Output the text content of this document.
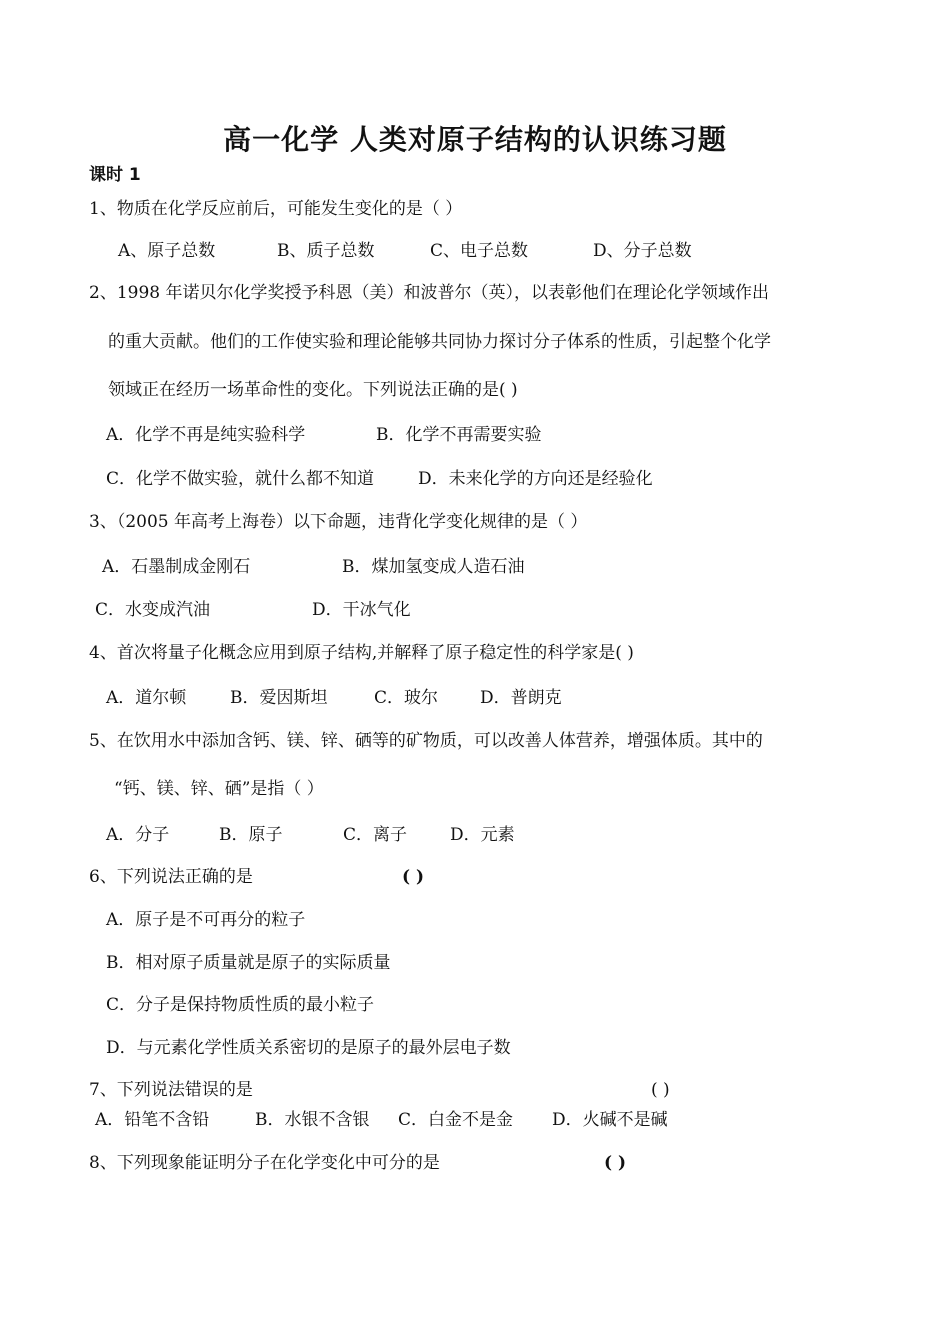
高一化学 人类对原子结构的认识练习题
课时 1
1、物质在化学反应前后，可能发生变化的是（ ）
A、原子总数	B、质子总数	C、电子总数	D、分子总数
2、1998 年诺贝尔化学奖授予科恩（美）和波普尔（英），以表彰他们在理论化学领域作出
的重大贡献。他们的工作使实验和理论能够共同协力探讨分子体系的性质，引起整个化学
领域正在经历一场革命性的变化。下列说法正确的是( )
A．化学不再是纯实验科学	B．化学不再需要实验
C．化学不做实验，就什么都不知道	D．未来化学的方向还是经验化
3、（2005 年高考上海卷）以下命题，违背化学变化规律的是（ ）
A．石墨制成金刚石	B．煤加氢变成人造石油
C．水变成汽油	D．干冰气化
4、首次将量子化概念应用到原子结构,并解释了原子稳定性的科学家是( )
A．道尔顿	B．爱因斯坦	C．玻尔 D．普朗克
5、在饮用水中添加含钙、镁、锌、硒等的矿物质，可以改善人体营养，增强体质。其中的
“钙、镁、锌、硒”是指（ ）
A．分子	B．原子	C．离子	D．元素
6、下列说法正确的是	( )
A．原子是不可再分的粒子
B．相对原子质量就是原子的实际质量
C．分子是保持物质性质的最小粒子
D．与元素化学性质关系密切的是原子的最外层电子数
7、下列说法错误的是	( )
A．铅笔不含铅	B．水银不含银 C．白金不是金 D．火碱不是碱
8、下列现象能证明分子在化学变化中可分的是	( )
